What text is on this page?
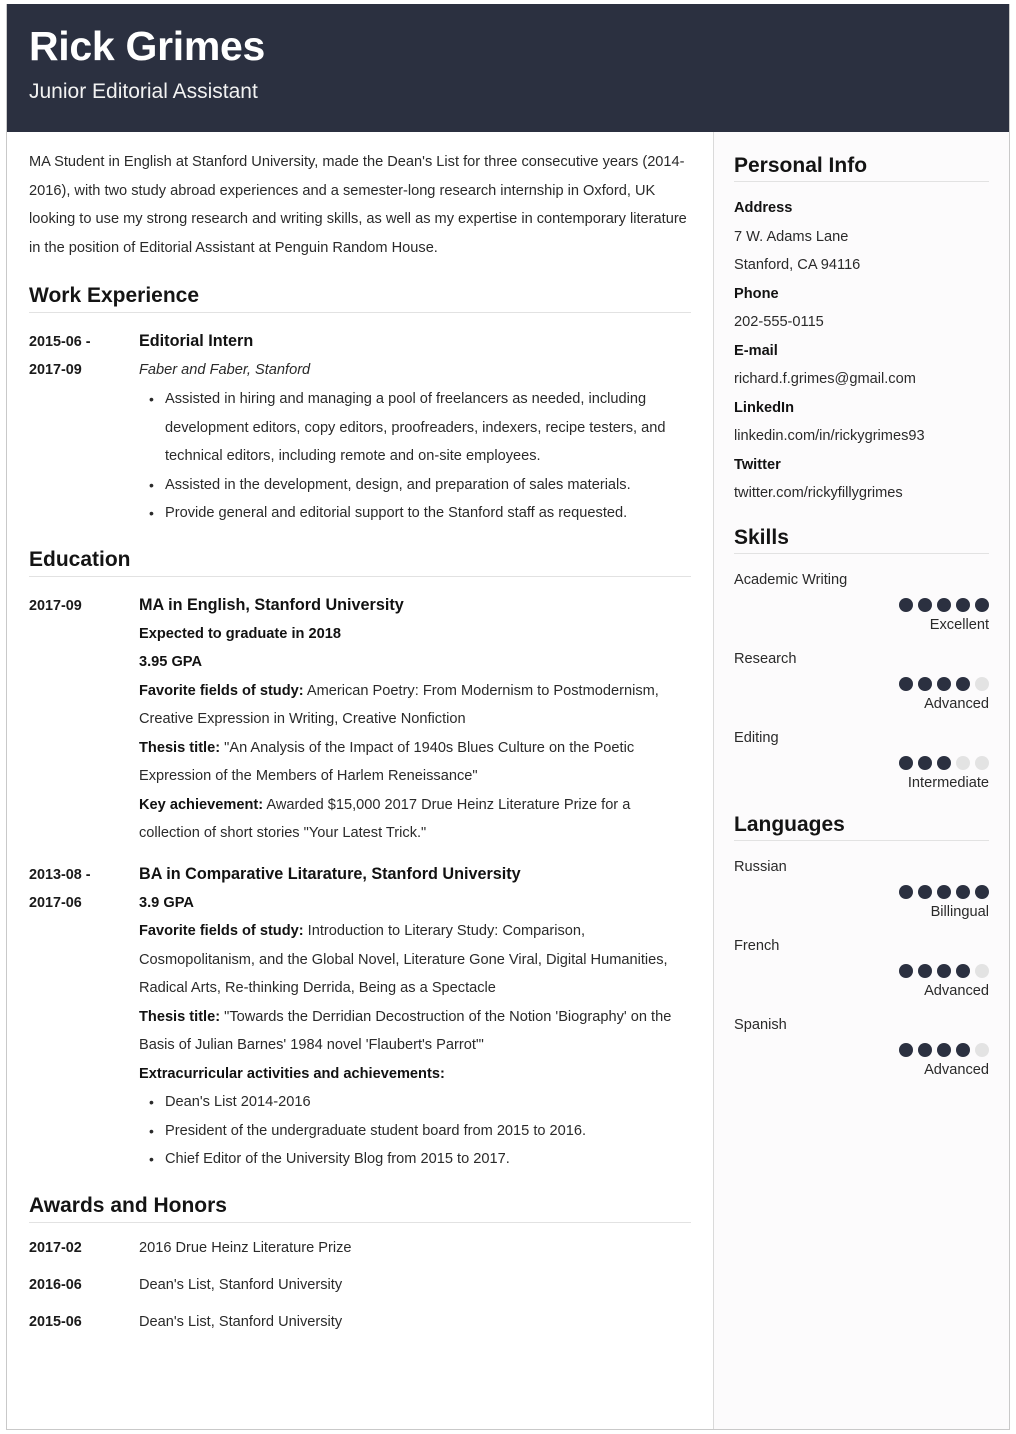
Rick Grimes
Junior Editorial Assistant

MA Student in English at Stanford University, made the Dean's List for three consecutive years (2014-2016), with two study abroad experiences and a semester-long research internship in Oxford, UK looking to use my strong research and writing skills, as well as my expertise in contemporary literature in the position of Editorial Assistant at Penguin Random House.

Work Experience
2015-06 -
2017-09
Editorial Intern
Faber and Faber, Stanford
• Assisted in hiring and managing a pool of freelancers as needed, including development editors, copy editors, proofreaders, indexers, recipe testers, and technical editors, including remote and on-site employees.
• Assisted in the development, design, and preparation of sales materials.
• Provide general and editorial support to the Stanford staff as requested.
Education
2017-09	MA in English, Stanford University
Expected to graduate in 2018
3.95 GPA
Favorite fields of study: American Poetry: From Modernism to Postmodernism, Creative Expression in Writing, Creative Nonfiction
Thesis title: "An Analysis of the Impact of 1940s Blues Culture on the Poetic Expression of the Members of Harlem Reneissance"
Key achievement: Awarded $15,000 2017 Drue Heinz Literature Prize for a collection of short stories "Your Latest Trick."
2013-08 -
2017-06
BA in Comparative Litarature, Stanford University
3.9 GPA
Favorite fields of study: Introduction to Literary Study: Comparison, Cosmopolitanism, and the Global Novel, Literature Gone Viral, Digital Humanities, Radical Arts, Re-thinking Derrida, Being as a Spectacle
Thesis title: "Towards the Derridian Decostruction of the Notion 'Biography' on the Basis of Julian Barnes' 1984 novel 'Flaubert's Parrot'"
Extracurricular activities and achievements:
• Dean's List 2014-2016
• President of the undergraduate student board from 2015 to 2016.
• Chief Editor of the University Blog from 2015 to 2017.
Awards and Honors
2017-02	2016 Drue Heinz Literature Prize
2016-06	Dean's List, Stanford University
2015-06	Dean's List, Stanford University
Personal Info
Address
7 W. Adams Lane
Stanford, CA 94116
Phone
202-555-0115
E-mail
richard.f.grimes@gmail.com
LinkedIn
linkedin.com/in/rickygrimes93
Twitter
twitter.com/rickyfillygrimes
Skills
Academic Writing
Excellent
Research
Advanced
Editing
Intermediate
Languages
Russian
Billingual
French
Advanced
Spanish
Advanced
